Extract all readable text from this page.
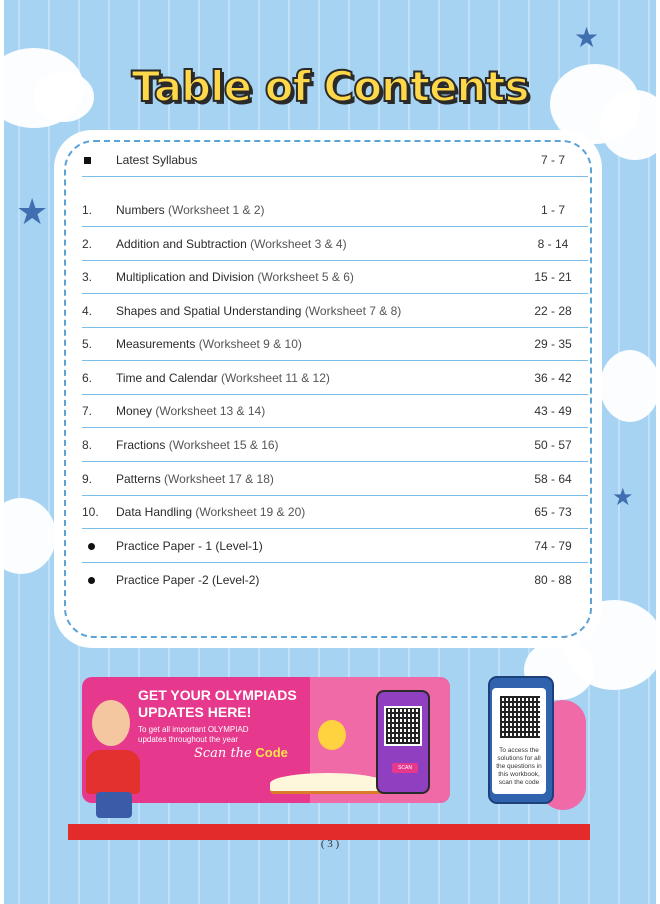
★
★
★
Table of Contents
Latest Syllabus	7 - 7
1.	Numbers (Worksheet 1 & 2)	1 - 7
2.	Addition and Subtraction (Worksheet 3 & 4)	8 - 14
3.	Multiplication and Division (Worksheet 5 & 6)	15 - 21
4.	Shapes and Spatial Understanding (Worksheet 7 & 8)	22 - 28
5.	Measurements (Worksheet 9 & 10)	29 - 35
6.	Time and Calendar (Worksheet 11 & 12)	36 - 42
7.	Money (Worksheet 13 & 14)	43 - 49
8.	Fractions (Worksheet 15 & 16)	50 - 57
9.	Patterns (Worksheet 17 & 18)	58 - 64
10.	Data Handling (Worksheet 19 & 20)	65 - 73
Practice Paper - 1 (Level-1)	74 - 79
Practice Paper -2 (Level-2)	80 - 88
GET YOUR OLYMPIADS UPDATES HERE!
To get all important OLYMPIAD updates throughout the year
Scan the Code
SCAN
To access the solutions for all the questions in this workbook, scan the code
( 3 )
